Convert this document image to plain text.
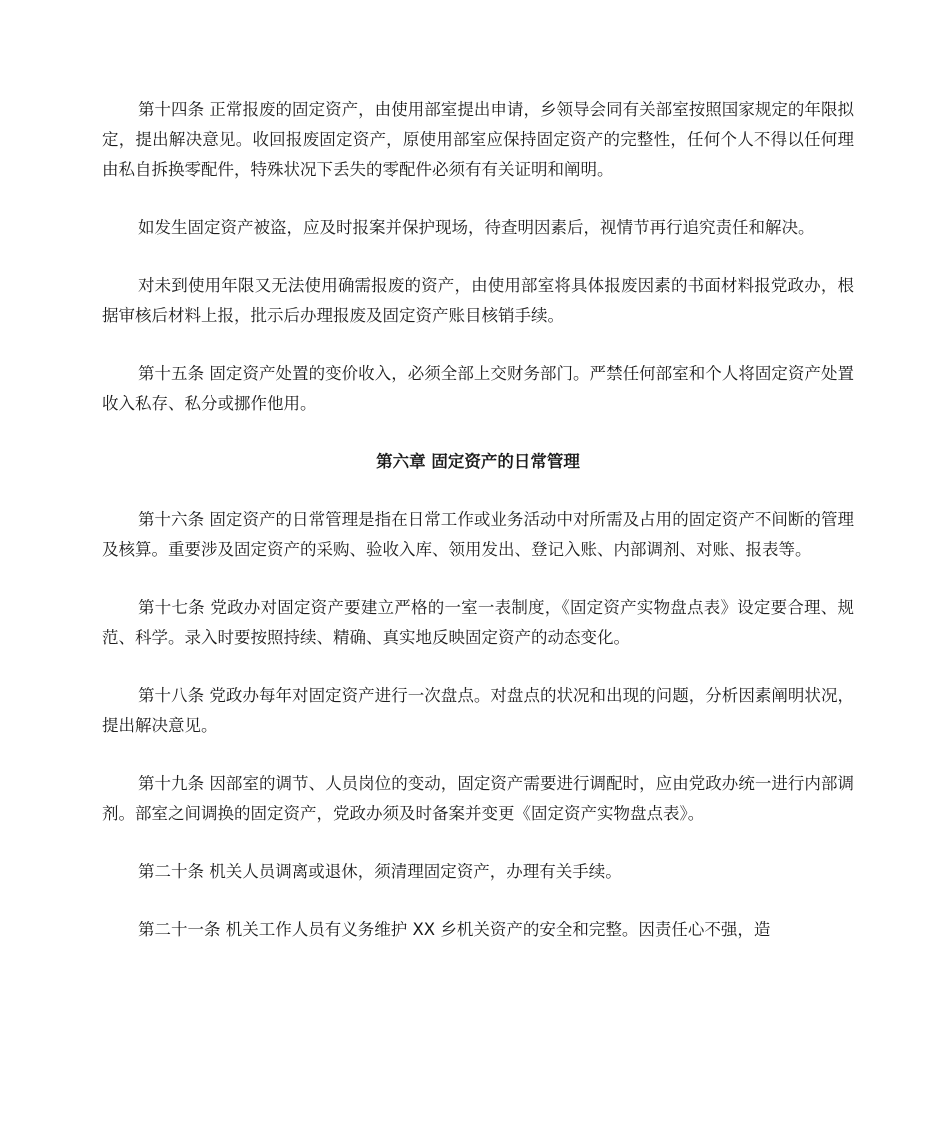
第十四条 正常报废的固定资产，由使用部室提出申请，乡领导会同有关部室按照国家规定的年限拟定，提出解决意见。收回报废固定资产，原使用部室应保持固定资产的完整性，任何个人不得以任何理由私自拆换零配件，特殊状况下丢失的零配件必须有有关证明和阐明。

如发生固定资产被盗，应及时报案并保护现场，待查明因素后，视情节再行追究责任和解决。

对未到使用年限又无法使用确需报废的资产，由使用部室将具体报废因素的书面材料报党政办，根据审核后材料上报，批示后办理报废及固定资产账目核销手续。

第十五条 固定资产处置的变价收入，必须全部上交财务部门。严禁任何部室和个人将固定资产处置收入私存、私分或挪作他用。

第六章 固定资产的日常管理

第十六条 固定资产的日常管理是指在日常工作或业务活动中对所需及占用的固定资产不间断的管理及核算。重要涉及固定资产的采购、验收入库、领用发出、登记入账、内部调剂、对账、报表等。

第十七条 党政办对固定资产要建立严格的一室一表制度，《固定资产实物盘点表》设定要合理、规范、科学。录入时要按照持续、精确、真实地反映固定资产的动态变化。

第十八条 党政办每年对固定资产进行一次盘点。对盘点的状况和出现的问题，分析因素阐明状况，提出解决意见。

第十九条 因部室的调节、人员岗位的变动，固定资产需要进行调配时，应由党政办统一进行内部调剂。部室之间调换的固定资产，党政办须及时备案并变更《固定资产实物盘点表》。

第二十条 机关人员调离或退休，须清理固定资产，办理有关手续。

第二十一条 机关工作人员有义务维护 XX 乡机关资产的安全和完整。因责任心不强，造
